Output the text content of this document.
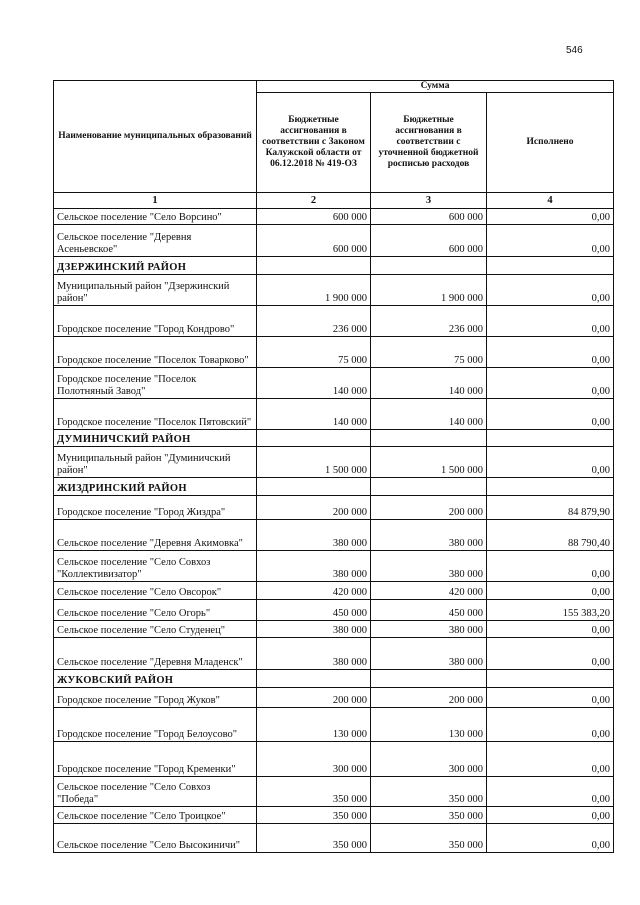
546
Наименование муниципальных образований	Сумма		
	Бюджетные ассигнования в соответствии с Законом Калужской области от 06.12.2018 № 419-ОЗ	Бюджетные ассигнования в соответствии с уточненной бюджетной росписью расходов	Исполнено
1	2	3	4
Сельское поселение "Село Ворсино"	600 000	600 000	0,00
Сельское поселение "Деревня Асеньевское"	600 000	600 000	0,00
ДЗЕРЖИНСКИЙ РАЙОН			
Муниципальный район "Дзержинский район"	1 900 000	1 900 000	0,00
Городское поселение "Город Кондрово"	236 000	236 000	0,00
Городское поселение "Поселок Товарково"	75 000	75 000	0,00
Городское поселение "Поселок Полотняный Завод"	140 000	140 000	0,00
Городское поселение "Поселок Пятовский"	140 000	140 000	0,00
ДУМИНИЧСКИЙ РАЙОН			
Муниципальный район "Думиничский район"	1 500 000	1 500 000	0,00
ЖИЗДРИНСКИЙ РАЙОН			
Городское поселение "Город Жиздра"	200 000	200 000	84 879,90
Сельское поселение "Деревня Акимовка"	380 000	380 000	88 790,40
Сельское поселение "Село Совхоз "Коллективизатор"	380 000	380 000	0,00
Сельское поселение "Село Овсорок"	420 000	420 000	0,00
Сельское поселение "Село Огорь"	450 000	450 000	155 383,20
Сельское поселение "Село Студенец"	380 000	380 000	0,00
Сельское поселение "Деревня Младенск"	380 000	380 000	0,00
ЖУКОВСКИЙ РАЙОН			
Городское поселение "Город Жуков"	200 000	200 000	0,00
Городское поселение "Город Белоусово"	130 000	130 000	0,00
Городское поселение "Город Кременки"	300 000	300 000	0,00
Сельское поселение "Село Совхоз "Победа"	350 000	350 000	0,00
Сельское поселение "Село Троицкое"	350 000	350 000	0,00
Сельское поселение "Село Высокиничи"	350 000	350 000	0,00
